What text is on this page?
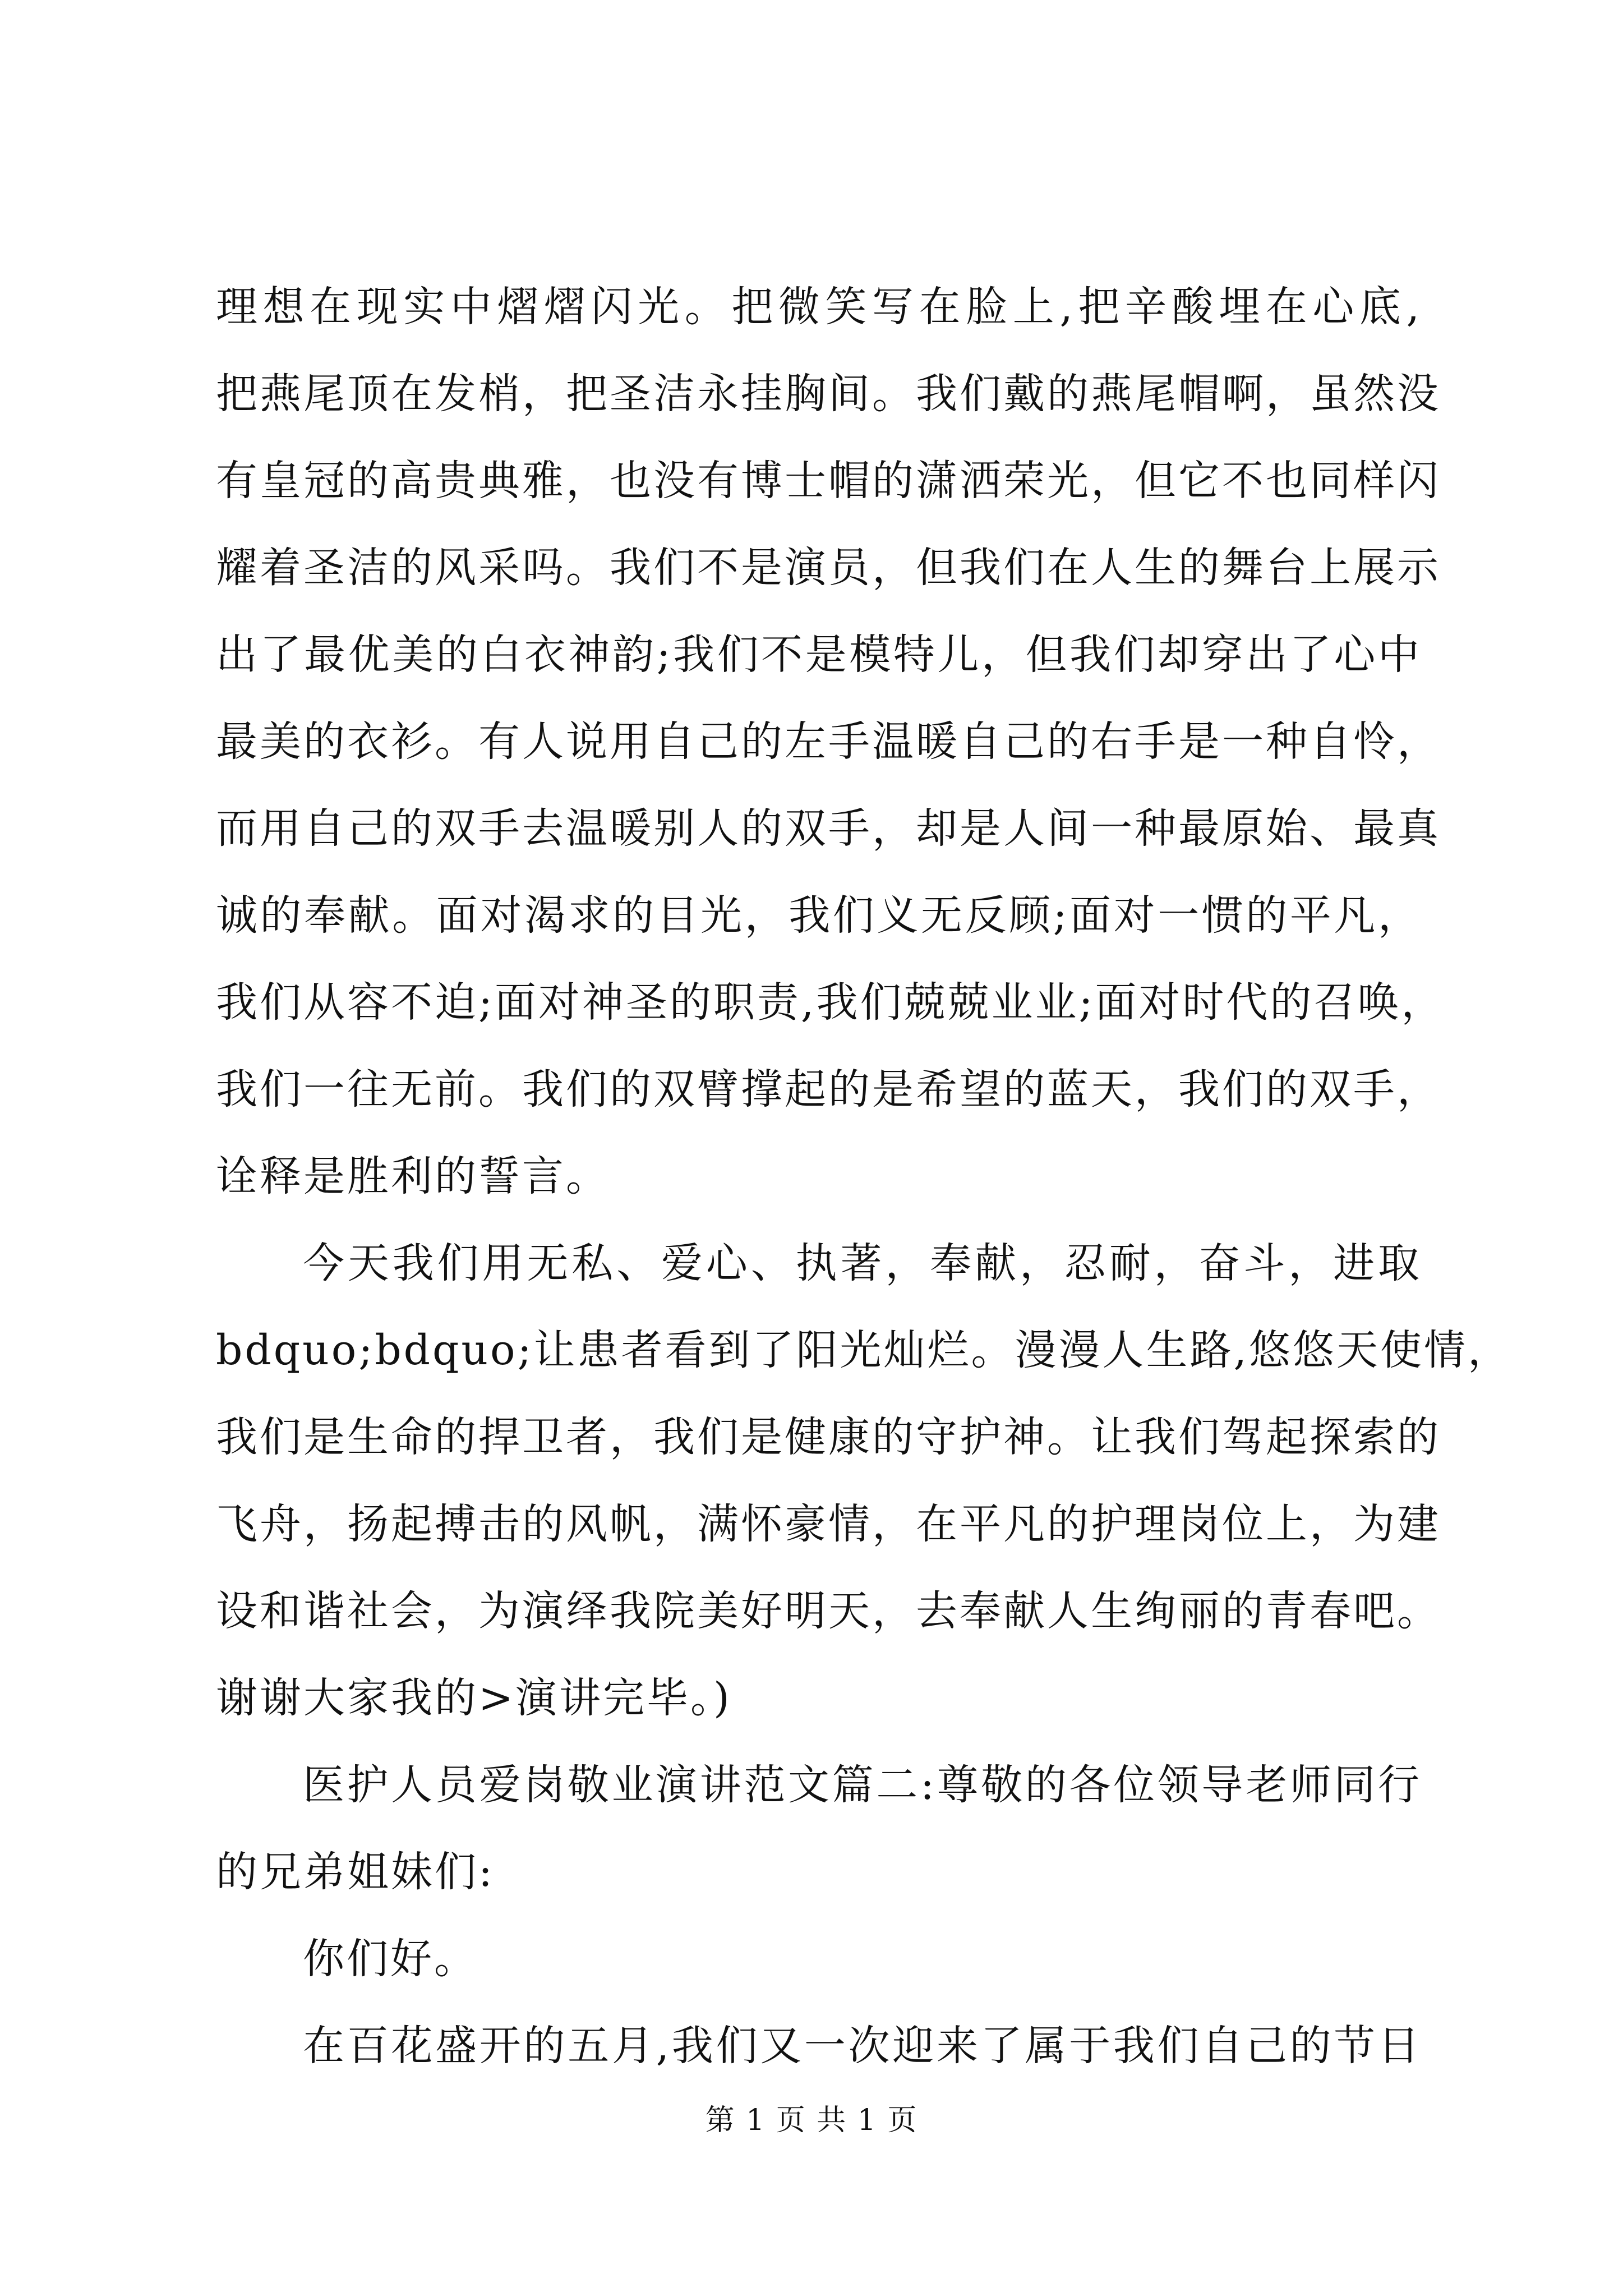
理想在现实中熠熠闪光。把微笑写在脸上,把辛酸埋在心底,
把燕尾顶在发梢，把圣洁永挂胸间。我们戴的燕尾帽啊，虽然没
有皇冠的高贵典雅，也没有博士帽的潇洒荣光，但它不也同样闪
耀着圣洁的风采吗。我们不是演员，但我们在人生的舞台上展示
出了最优美的白衣神韵;我们不是模特儿，但我们却穿出了心中
最美的衣衫。有人说用自己的左手温暖自己的右手是一种自怜，
而用自己的双手去温暖别人的双手，却是人间一种最原始、最真
诚的奉献。面对渴求的目光，我们义无反顾;面对一惯的平凡，
我们从容不迫;面对神圣的职责,我们兢兢业业;面对时代的召唤，
我们一往无前。我们的双臂撑起的是希望的蓝天，我们的双手，
诠释是胜利的誓言。
今天我们用无私、爱心、执著，奉献，忍耐，奋斗，进取
bdquo;bdquo;让患者看到了阳光灿烂。漫漫人生路,悠悠天使情，
我们是生命的捍卫者，我们是健康的守护神。让我们驾起探索的
飞舟，扬起搏击的风帆，满怀豪情，在平凡的护理岗位上，为建
设和谐社会，为演绎我院美好明天，去奉献人生绚丽的青春吧。
谢谢大家我的>演讲完毕。)
医护人员爱岗敬业演讲范文篇二:尊敬的各位领导老师同行
的兄弟姐妹们:
你们好。
在百花盛开的五月,我们又一次迎来了属于我们自己的节日
第 1 页 共 1 页
